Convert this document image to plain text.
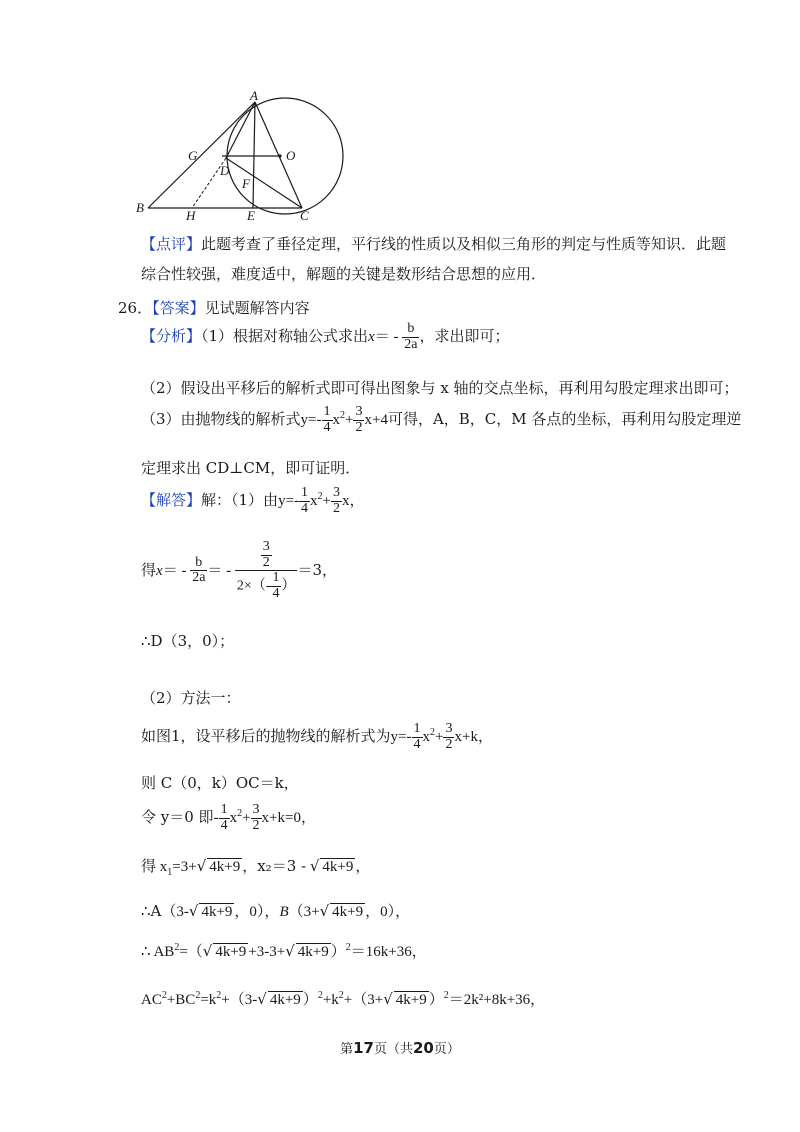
A
O
G
D
F
B
H	E	C
【点评】此题考查了垂径定理，平行线的性质以及相似三角形的判定与性质等知识．此题
综合性较强，难度适中，解题的关键是数形结合思想的应用．
26．【答案】见试题解答内容
【分析】（1）根据对称轴公式求出$x= - \frac{b}{2a}$ ，求出即可；
（2）假设出平移后的解析式即可得出图象与 x 轴的交点坐标，再利用勾股定理求出即可；
（3）由抛物线的解析式$y=- \frac{1}{4} x^2+ \frac{3}{2} x+4$可得，A，B，C，M 各点的坐标，再利用勾股定理逆
定理求出 CD⊥CM，即可证明．
【解答】解：（1）由$y=- \frac{1}{4} x^2+ \frac{3}{2}$ x，
得$x= - \frac{b}{2a}$ ＝ - $\frac{\frac{3}{2}}{2\times(- \frac{1}{4} )} =3$，
∴D（3，0）；
（2）方法一：
如图1，设平移后的抛物线的解析式为$y=- \frac{1}{4} x^2+ \frac{3}{2} x+k$，
则 C（0，k）OC＝k，
令 y＝0 即- $\frac{1}{4} x^2+ \frac{3}{2} x+k=0$，
得 $x_1=3+√$ 4k+9 ，x₂＝3 - √ 4k+9 ，
∴A（3-√ 4k+9 ，0），B（3+√ 4k+9 ，0），
∴ $AB^2=(√$ 4k+9 +3-3+√ 4k+9 ）$^2$＝16k+36，
$AC^2+BC^2=k^2+(3-√$ 4k+9 ）$^2+k^2+(3+√$ 4k+9 ）$^2$＝2k²+8k+36，
第17页（共20页）
